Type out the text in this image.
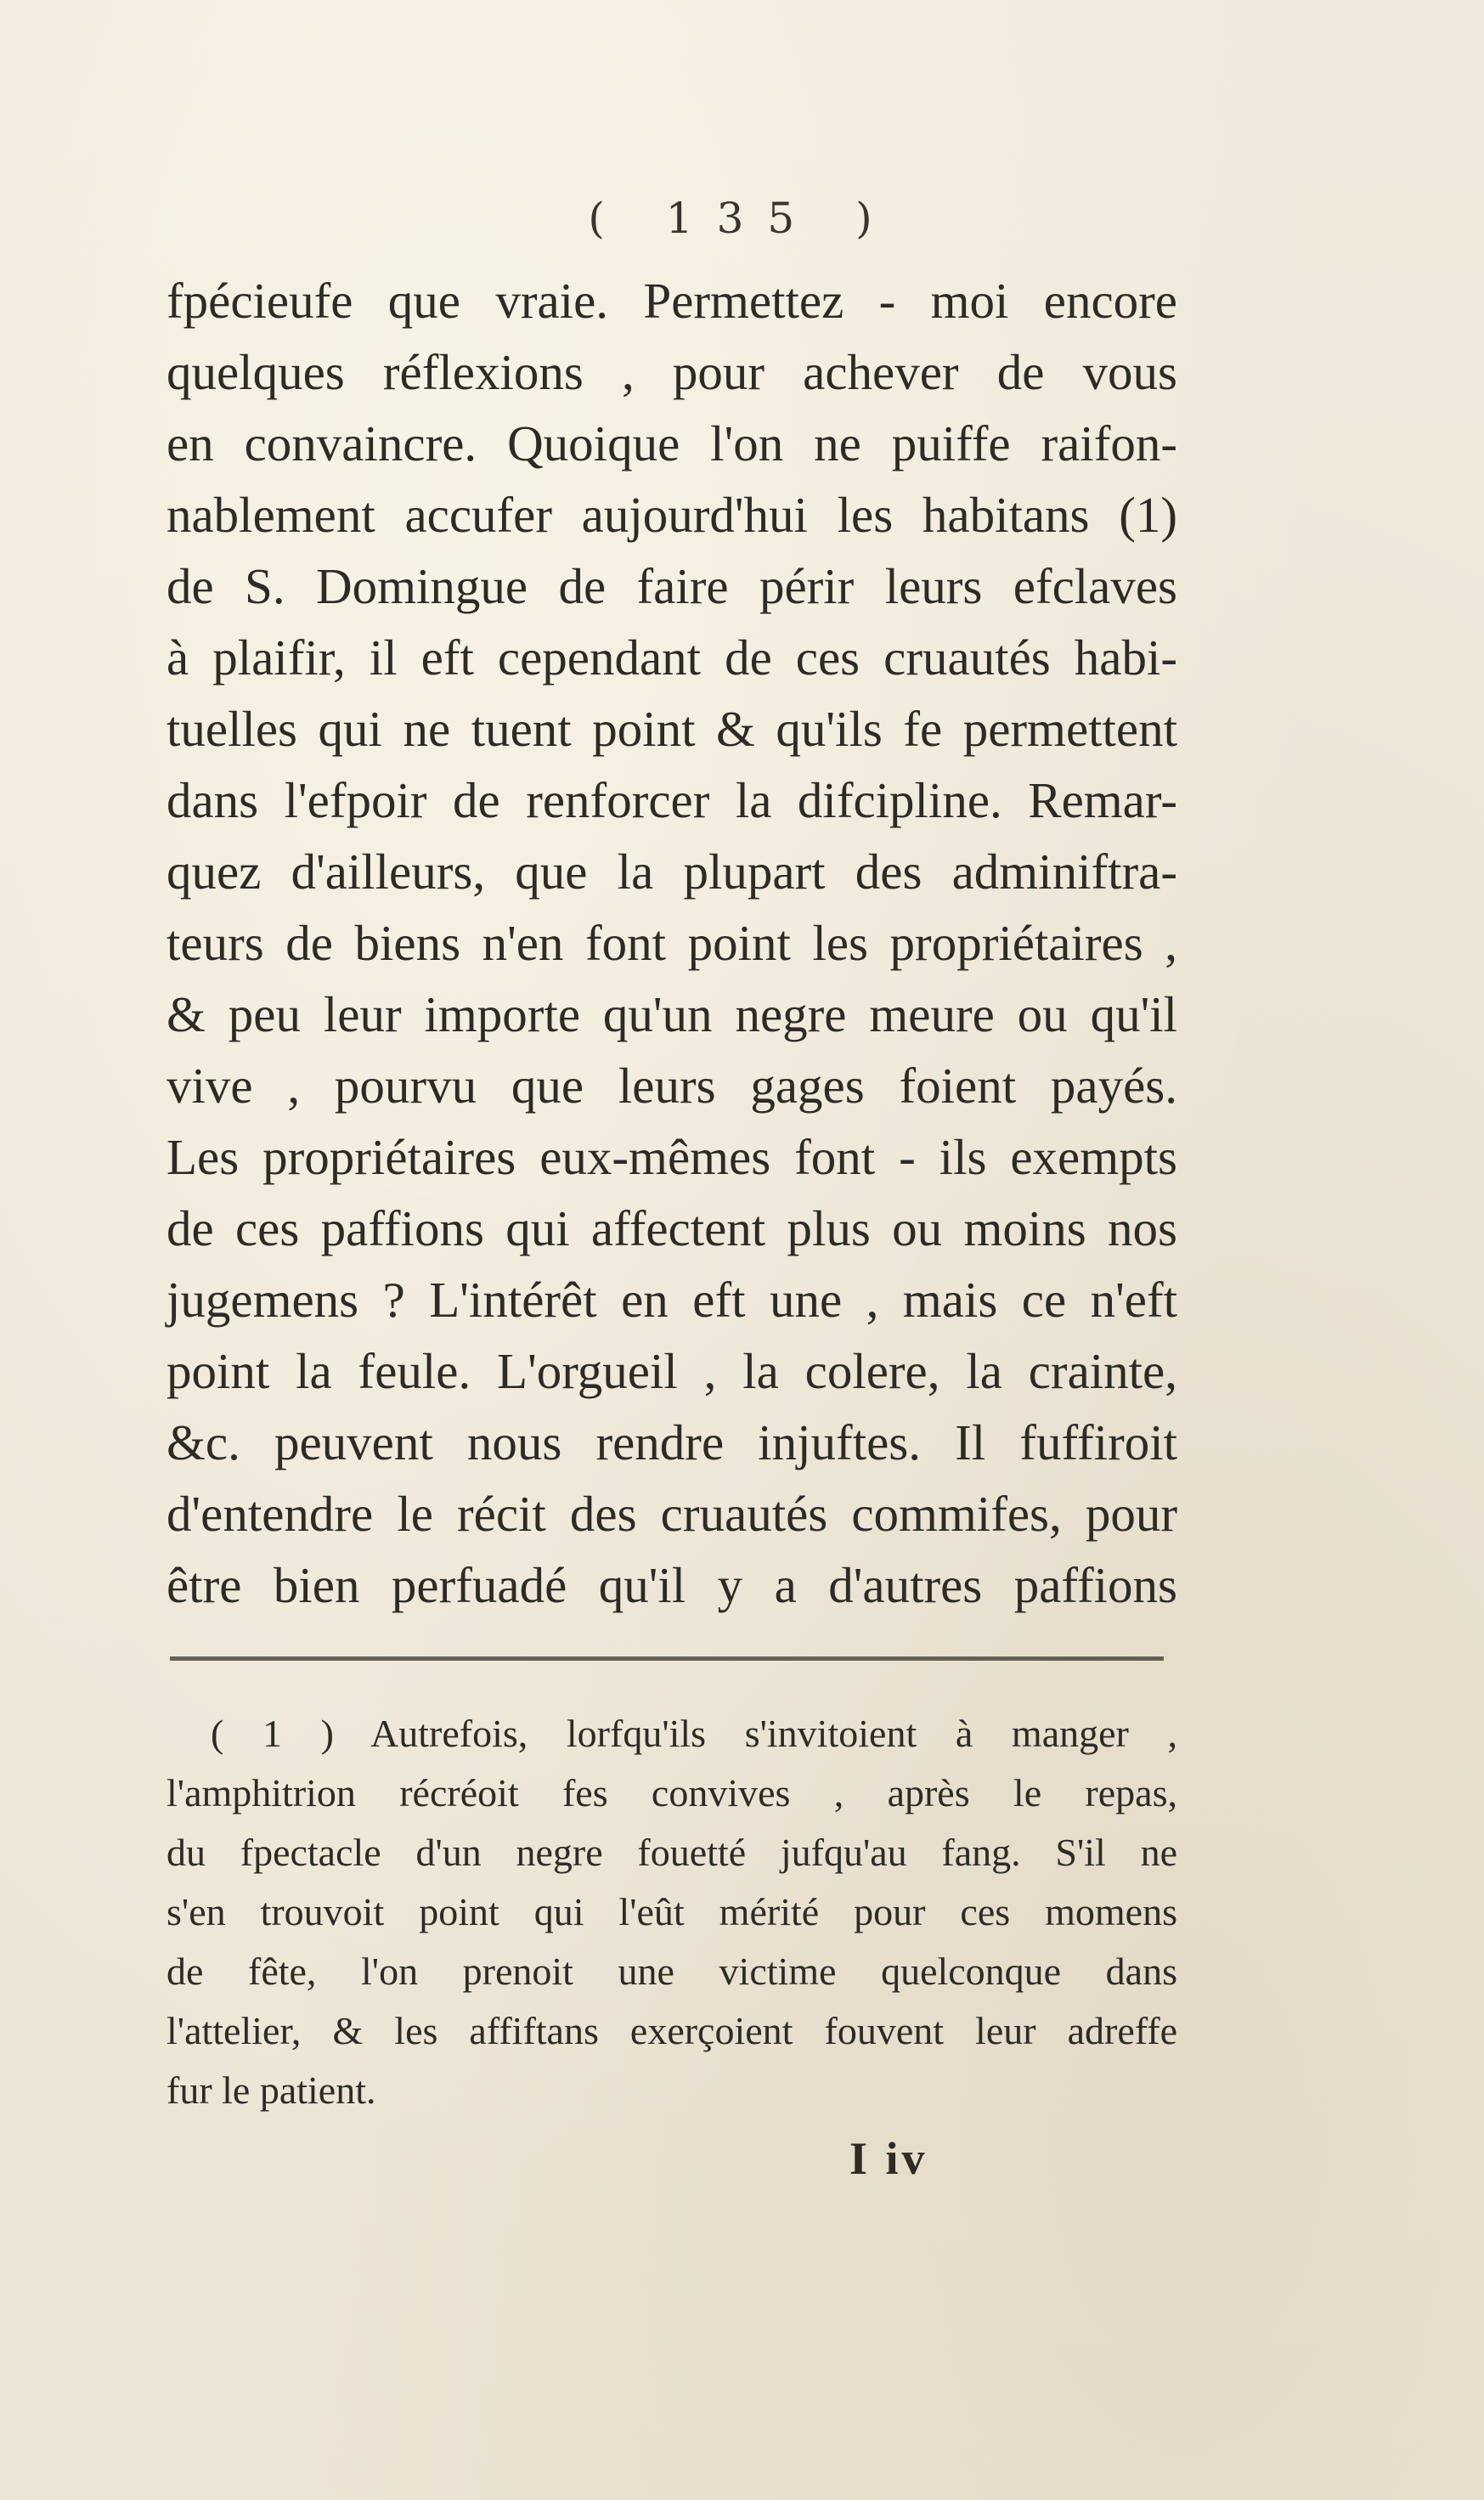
( 135 )
fpécieufe que vraie. Permettez - moi encore
quelques réflexions , pour achever de vous
en convaincre. Quoique l'on ne puiffe raifon-
nablement accufer aujourd'hui les habitans (1)
de S. Domingue de faire périr leurs efclaves
à plaifir, il eft cependant de ces cruautés habi-
tuelles qui ne tuent point & qu'ils fe permettent
dans l'efpoir de renforcer la difcipline. Remar-
quez d'ailleurs, que la plupart des adminiftra-
teurs de biens n'en font point les propriétaires ,
& peu leur importe qu'un negre meure ou qu'il
vive , pourvu que leurs gages foient payés.
Les propriétaires eux-mêmes font - ils exempts
de ces paffions qui affectent plus ou moins nos
jugemens ? L'intérêt en eft une , mais ce n'eft
point la feule. L'orgueil , la colere, la crainte,
&c. peuvent nous rendre injuftes. Il fuffiroit
d'entendre le récit des cruautés commifes, pour
être bien perfuadé qu'il y a d'autres paffions
( 1 ) Autrefois, lorfqu'ils s'invitoient à manger ,
l'amphitrion récréoit fes convives , après le repas,
du fpectacle d'un negre fouetté jufqu'au fang. S'il ne
s'en trouvoit point qui l'eût mérité pour ces momens
de fête, l'on prenoit une victime quelconque dans
l'attelier, & les affiftans exerçoient fouvent leur adreffe
fur le patient.
I iv
